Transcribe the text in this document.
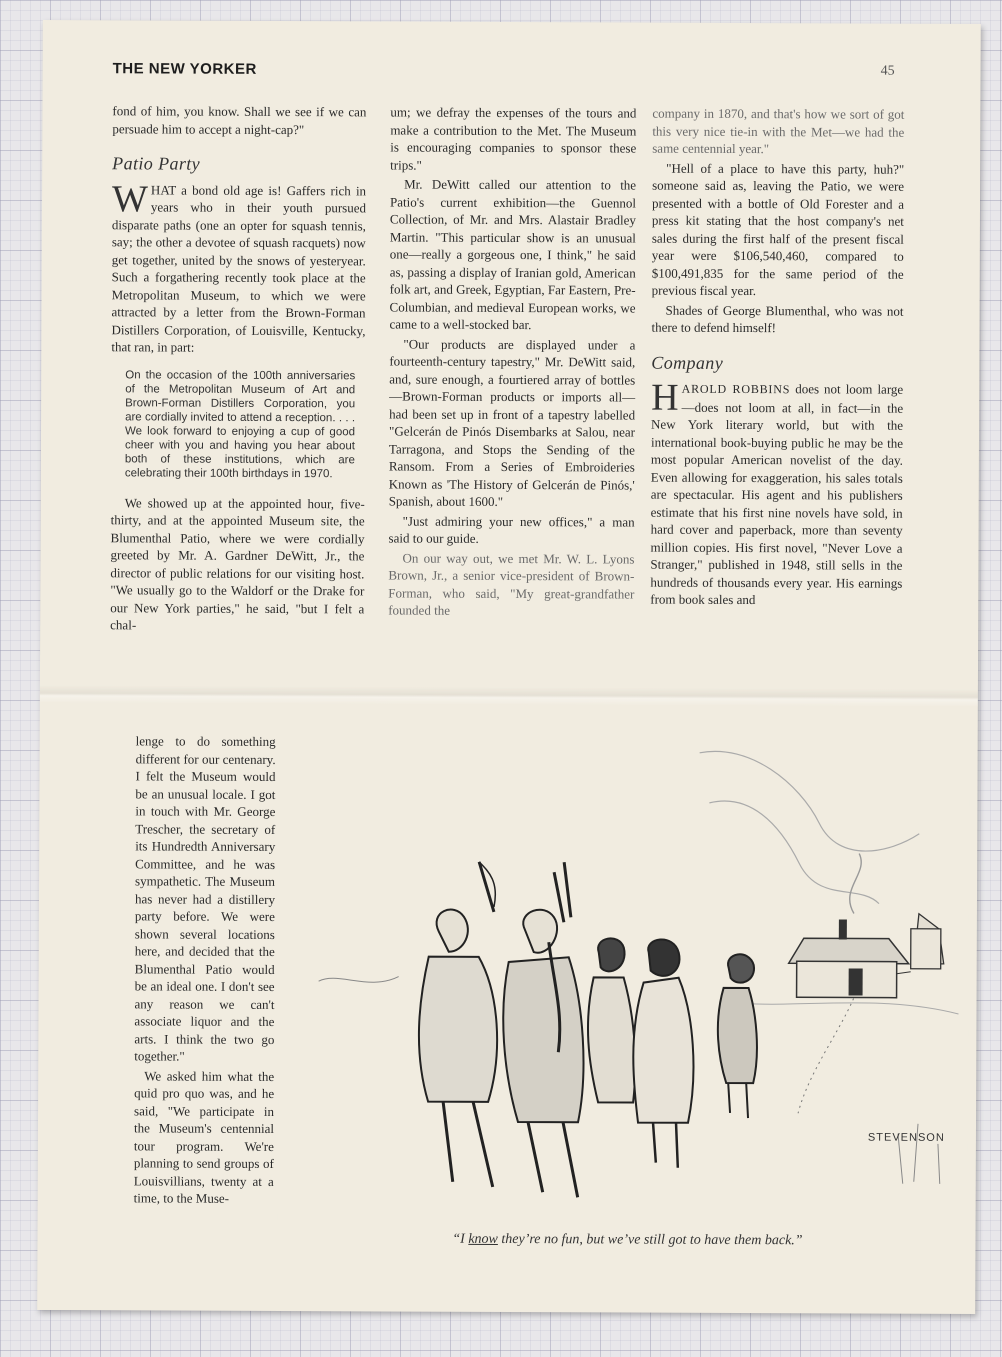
THE NEW YORKER	45

fond of him, you know. Shall we see if we can persuade him to accept a night-cap?"

Patio Party

WHAT a bond old age is! Gaffers rich in years who in their youth pursued disparate paths (one an opter for squash tennis, say; the other a devotee of squash racquets) now get together, united by the snows of yesteryear. Such a forgathering recently took place at the Metropolitan Museum, to which we were attracted by a letter from the Brown-Forman Distillers Corporation, of Louisville, Kentucky, that ran, in part:

On the occasion of the 100th anniversaries of the Metropolitan Museum of Art and Brown-Forman Distillers Corporation, you are cordially invited to attend a reception. . . . We look forward to enjoying a cup of good cheer with you and having you hear about both of these institutions, which are celebrating their 100th birthdays in 1970.

We showed up at the appointed hour, five-thirty, and at the appointed Museum site, the Blumenthal Patio, where we were cordially greeted by Mr. A. Gardner DeWitt, Jr., the director of public relations for our visiting host. "We usually go to the Waldorf or the Drake for our New York parties," he said, "but I felt a chal-

lenge to do something different for our centenary. I felt the Museum would be an unusual locale. I got in touch with Mr. George Trescher, the secretary of its Hundredth Anniversary Committee, and he was sympathetic. The Museum has never had a distillery party before. We were shown several locations here, and decided that the Blumenthal Patio would be an ideal one. I don't see any reason we can't associate liquor and the arts. I think the two go together."

We asked him what the quid pro quo was, and he said, "We participate in the Museum's centennial tour program. We're planning to send groups of Louisvillians, twenty at a time, to the Muse-

um; we defray the expenses of the tours and make a contribution to the Met. The Museum is encouraging companies to sponsor these trips."

Mr. DeWitt called our attention to the Patio's current exhibition—the Guennol Collection, of Mr. and Mrs. Alastair Bradley Martin. "This particular show is an unusual one—really a gorgeous one, I think," he said as, passing a display of Iranian gold, American folk art, and Greek, Egyptian, Far Eastern, Pre-Columbian, and medieval European works, we came to a well-stocked bar.

"Our products are displayed under a fourteenth-century tapestry," Mr. DeWitt said, and, sure enough, a fourtiered array of bottles—Brown-Forman products or imports all—had been set up in front of a tapestry labelled "Gelcerán de Pinós Disembarks at Salou, near Tarragona, and Stops the Sending of the Ransom. From a Series of Embroideries Known as 'The History of Gelcerán de Pinós,' Spanish, about 1600."

"Just admiring your new offices," a man said to our guide.

On our way out, we met Mr. W. L. Lyons Brown, Jr., a senior vice-president of Brown-Forman, who said, "My great-grandfather founded the

company in 1870, and that's how we sort of got this very nice tie-in with the Met—we had the same centennial year."

"Hell of a place to have this party, huh?" someone said as, leaving the Patio, we were presented with a bottle of Old Forester and a press kit stating that the host company's net sales during the first half of the present fiscal year were $106,540,460, compared to $100,491,835 for the same period of the previous fiscal year.

Shades of George Blumenthal, who was not there to defend himself!

Company

HAROLD ROBBINS does not loom large—does not loom at all, in fact—in the New York literary world, but with the international book-buying public he may be the most popular American novelist of the day. Even allowing for exaggeration, his sales totals are spectacular. His agent and his publishers estimate that his first nine novels have sold, in hard cover and paperback, more than seventy million copies. His first novel, "Never Love a Stranger," published in 1948, still sells in the hundreds of thousands every year. His earnings from book sales and

STEVENSON
“I know they’re no fun, but we’ve still got to have them back.”
